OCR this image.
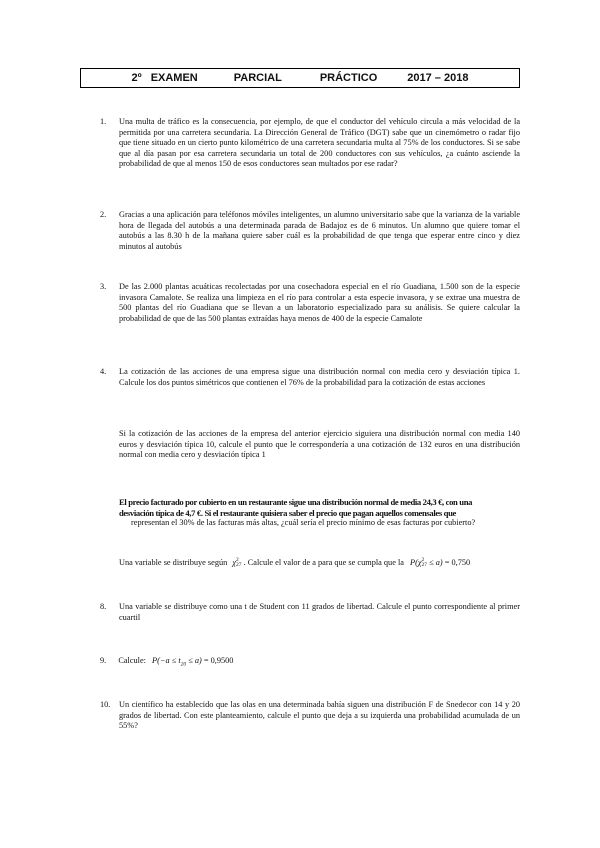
2º EXAMEN	PARCIAL	PRÁCTICO	2017 – 2018
1. Una multa de tráfico es la consecuencia, por ejemplo, de que el conductor del vehículo circula a más velocidad de la permitida por una carretera secundaria. La Dirección General de Tráfico (DGT) sabe que un cinemómetro o radar fijo que tiene situado en un cierto punto kilométrico de una carretera secundaria multa al 75% de los conductores. Si se sabe que al día pasan por esa carretera secundaria un total de 200 conductores con sus vehículos, ¿a cuánto asciende la probabilidad de que al menos 150 de esos conductores sean multados por ese radar?
2. Gracias a una aplicación para teléfonos móviles inteligentes, un alumno universitario sabe que la varianza de la variable hora de llegada del autobús a una determinada parada de Badajoz es de 6 minutos. Un alumno que quiere tomar el autobús a las 8.30 h de la mañana quiere saber cuál es la probabilidad de que tenga que esperar entre cinco y diez minutos al autobús
3. De las 2.000 plantas acuáticas recolectadas por una cosechadora especial en el río Guadiana, 1.500 son de la especie invasora Camalote. Se realiza una limpieza en el río para controlar a esta especie invasora, y se extrae una muestra de 500 plantas del río Guadiana que se llevan a un laboratorio especializado para su análisis. Se quiere calcular la probabilidad de que de las 500 plantas extraídas haya menos de 400 de la especie Camalote
4. La cotización de las acciones de una empresa sigue una distribución normal con media cero y desviación típica 1. Calcule los dos puntos simétricos que contienen el 76% de la probabilidad para la cotización de estas acciones
Si la cotización de las acciones de la empresa del anterior ejercicio siguiera una distribución normal con media 140 euros y desviación típica 10, calcule el punto que le correspondería a una cotización de 132 euros en una distribución normal con media cero y desviación típica 1
El precio facturado por cubierto en un restaurante sigue una distribución normal de media 24,3 €, con una
desviación típica de 4,7 €. Si el restaurante quisiera saber el precio que pagan aquellos comensales que
representan el 30% de las facturas más altas, ¿cuál sería el precio mínimo de esas facturas por cubierto?
Una variable se distribuye según χ 2
27 . Calcule el valor de a para que se cumpla que la P(χ 2
27 ≤ a) = 0,750
8. Una variable se distribuye como una t de Student con 11 grados de libertad. Calcule el punto correspondiente al primer cuartil
9. Calcule: $P(-a \le t_{20} \le a) = 0,9500$
10. Un científico ha establecido que las olas en una determinada bahía siguen una distribución F de Snedecor con 14 y 20 grados de libertad. Con este planteamiento, calcule el punto que deja a su izquierda una probabilidad acumulada de un 55%?
